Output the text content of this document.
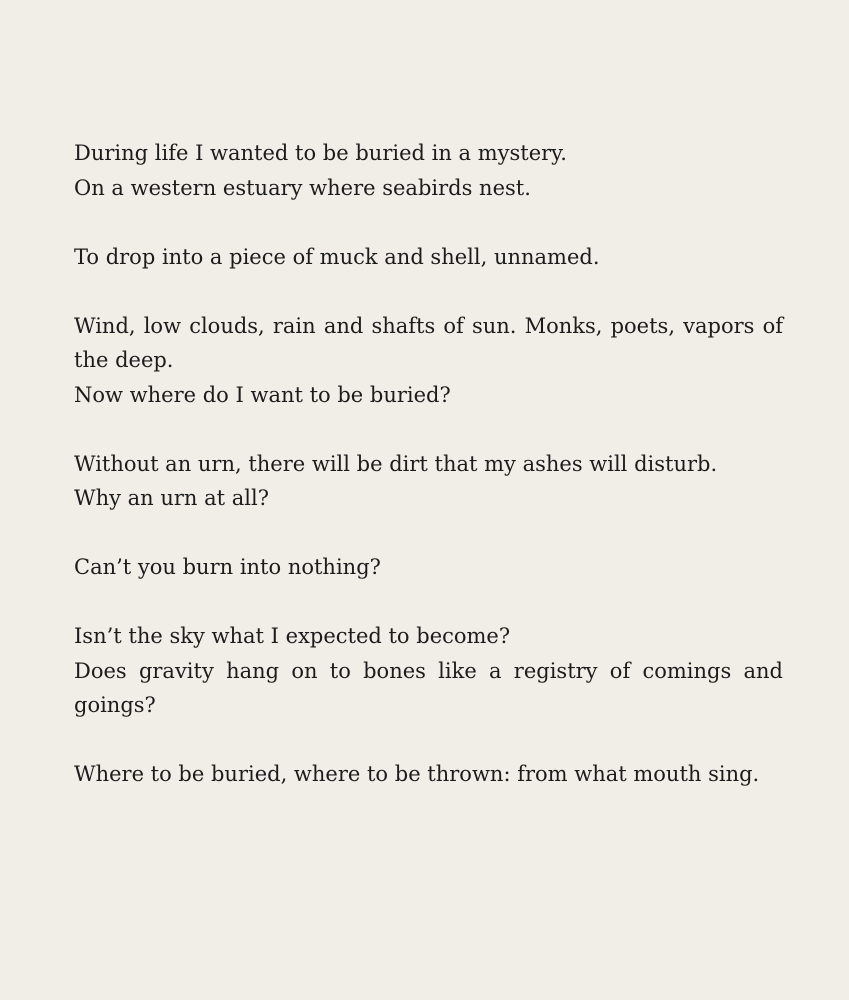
During life I wanted to be buried in a mystery.

On a western estuary where seabirds nest.

To drop into a piece of muck and shell, unnamed.

Wind, low clouds, rain and shafts of sun. Monks, poets, vapors of the deep.

Now where do I want to be buried?

Without an urn, there will be dirt that my ashes will disturb.

Why an urn at all?

Can’t you burn into nothing?

Isn’t the sky what I expected to become?

Does gravity hang on to bones like a registry of comings and goings?

Where to be buried, where to be thrown: from what mouth sing.
